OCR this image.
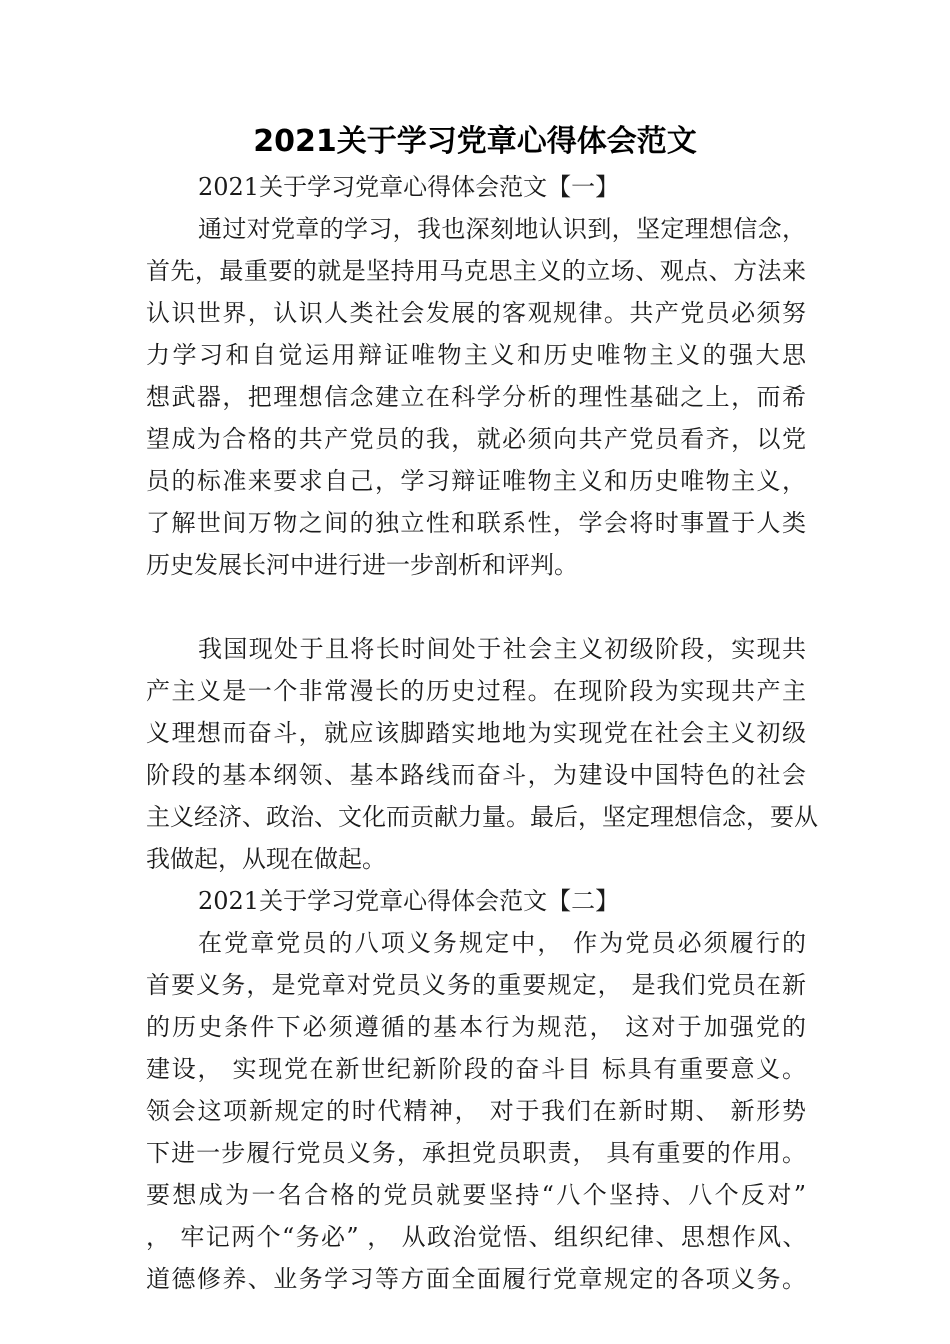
2021关于学习党章心得体会范文
2021关于学习党章心得体会范文【一】
通过对党章的学习，我也深刻地认识到，坚定理想信念，
首先，最重要的就是坚持用马克思主义的立场、观点、方法来
认识世界，认识人类社会发展的客观规律。共产党员必须努
力学习和自觉运用辩证唯物主义和历史唯物主义的强大思
想武器，把理想信念建立在科学分析的理性基础之上，而希
望成为合格的共产党员的我，就必须向共产党员看齐，以党
员的标准来要求自己，学习辩证唯物主义和历史唯物主义，
了解世间万物之间的独立性和联系性，学会将时事置于人类
历史发展长河中进行进一步剖析和评判。
我国现处于且将长时间处于社会主义初级阶段，实现共
产主义是一个非常漫长的历史过程。在现阶段为实现共产主
义理想而奋斗，就应该脚踏实地地为实现党在社会主义初级
阶段的基本纲领、基本路线而奋斗，为建设中国特色的社会
主义经济、政治、文化而贡献力量。最后，坚定理想信念，要从
我做起，从现在做起。
2021关于学习党章心得体会范文【二】
在党章党员的八项义务规定中， 作为党员必须履行的
首要义务，是党章对党员义务的重要规定， 是我们党员在新
的历史条件下必须遵循的基本行为规范， 这对于加强党的
建设， 实现党在新世纪新阶段的奋斗目 标具有重要意义。
领会这项新规定的时代精神， 对于我们在新时期、 新形势
下进一步履行党员义务，承担党员职责， 具有重要的作用。
要想成为一名合格的党员就要坚持“八个坚持、八个反对”
， 牢记两个“务必” ， 从政治觉悟、组织纪律、思想作风、
道德修养、业务学习等方面全面履行党章规定的各项义务。
